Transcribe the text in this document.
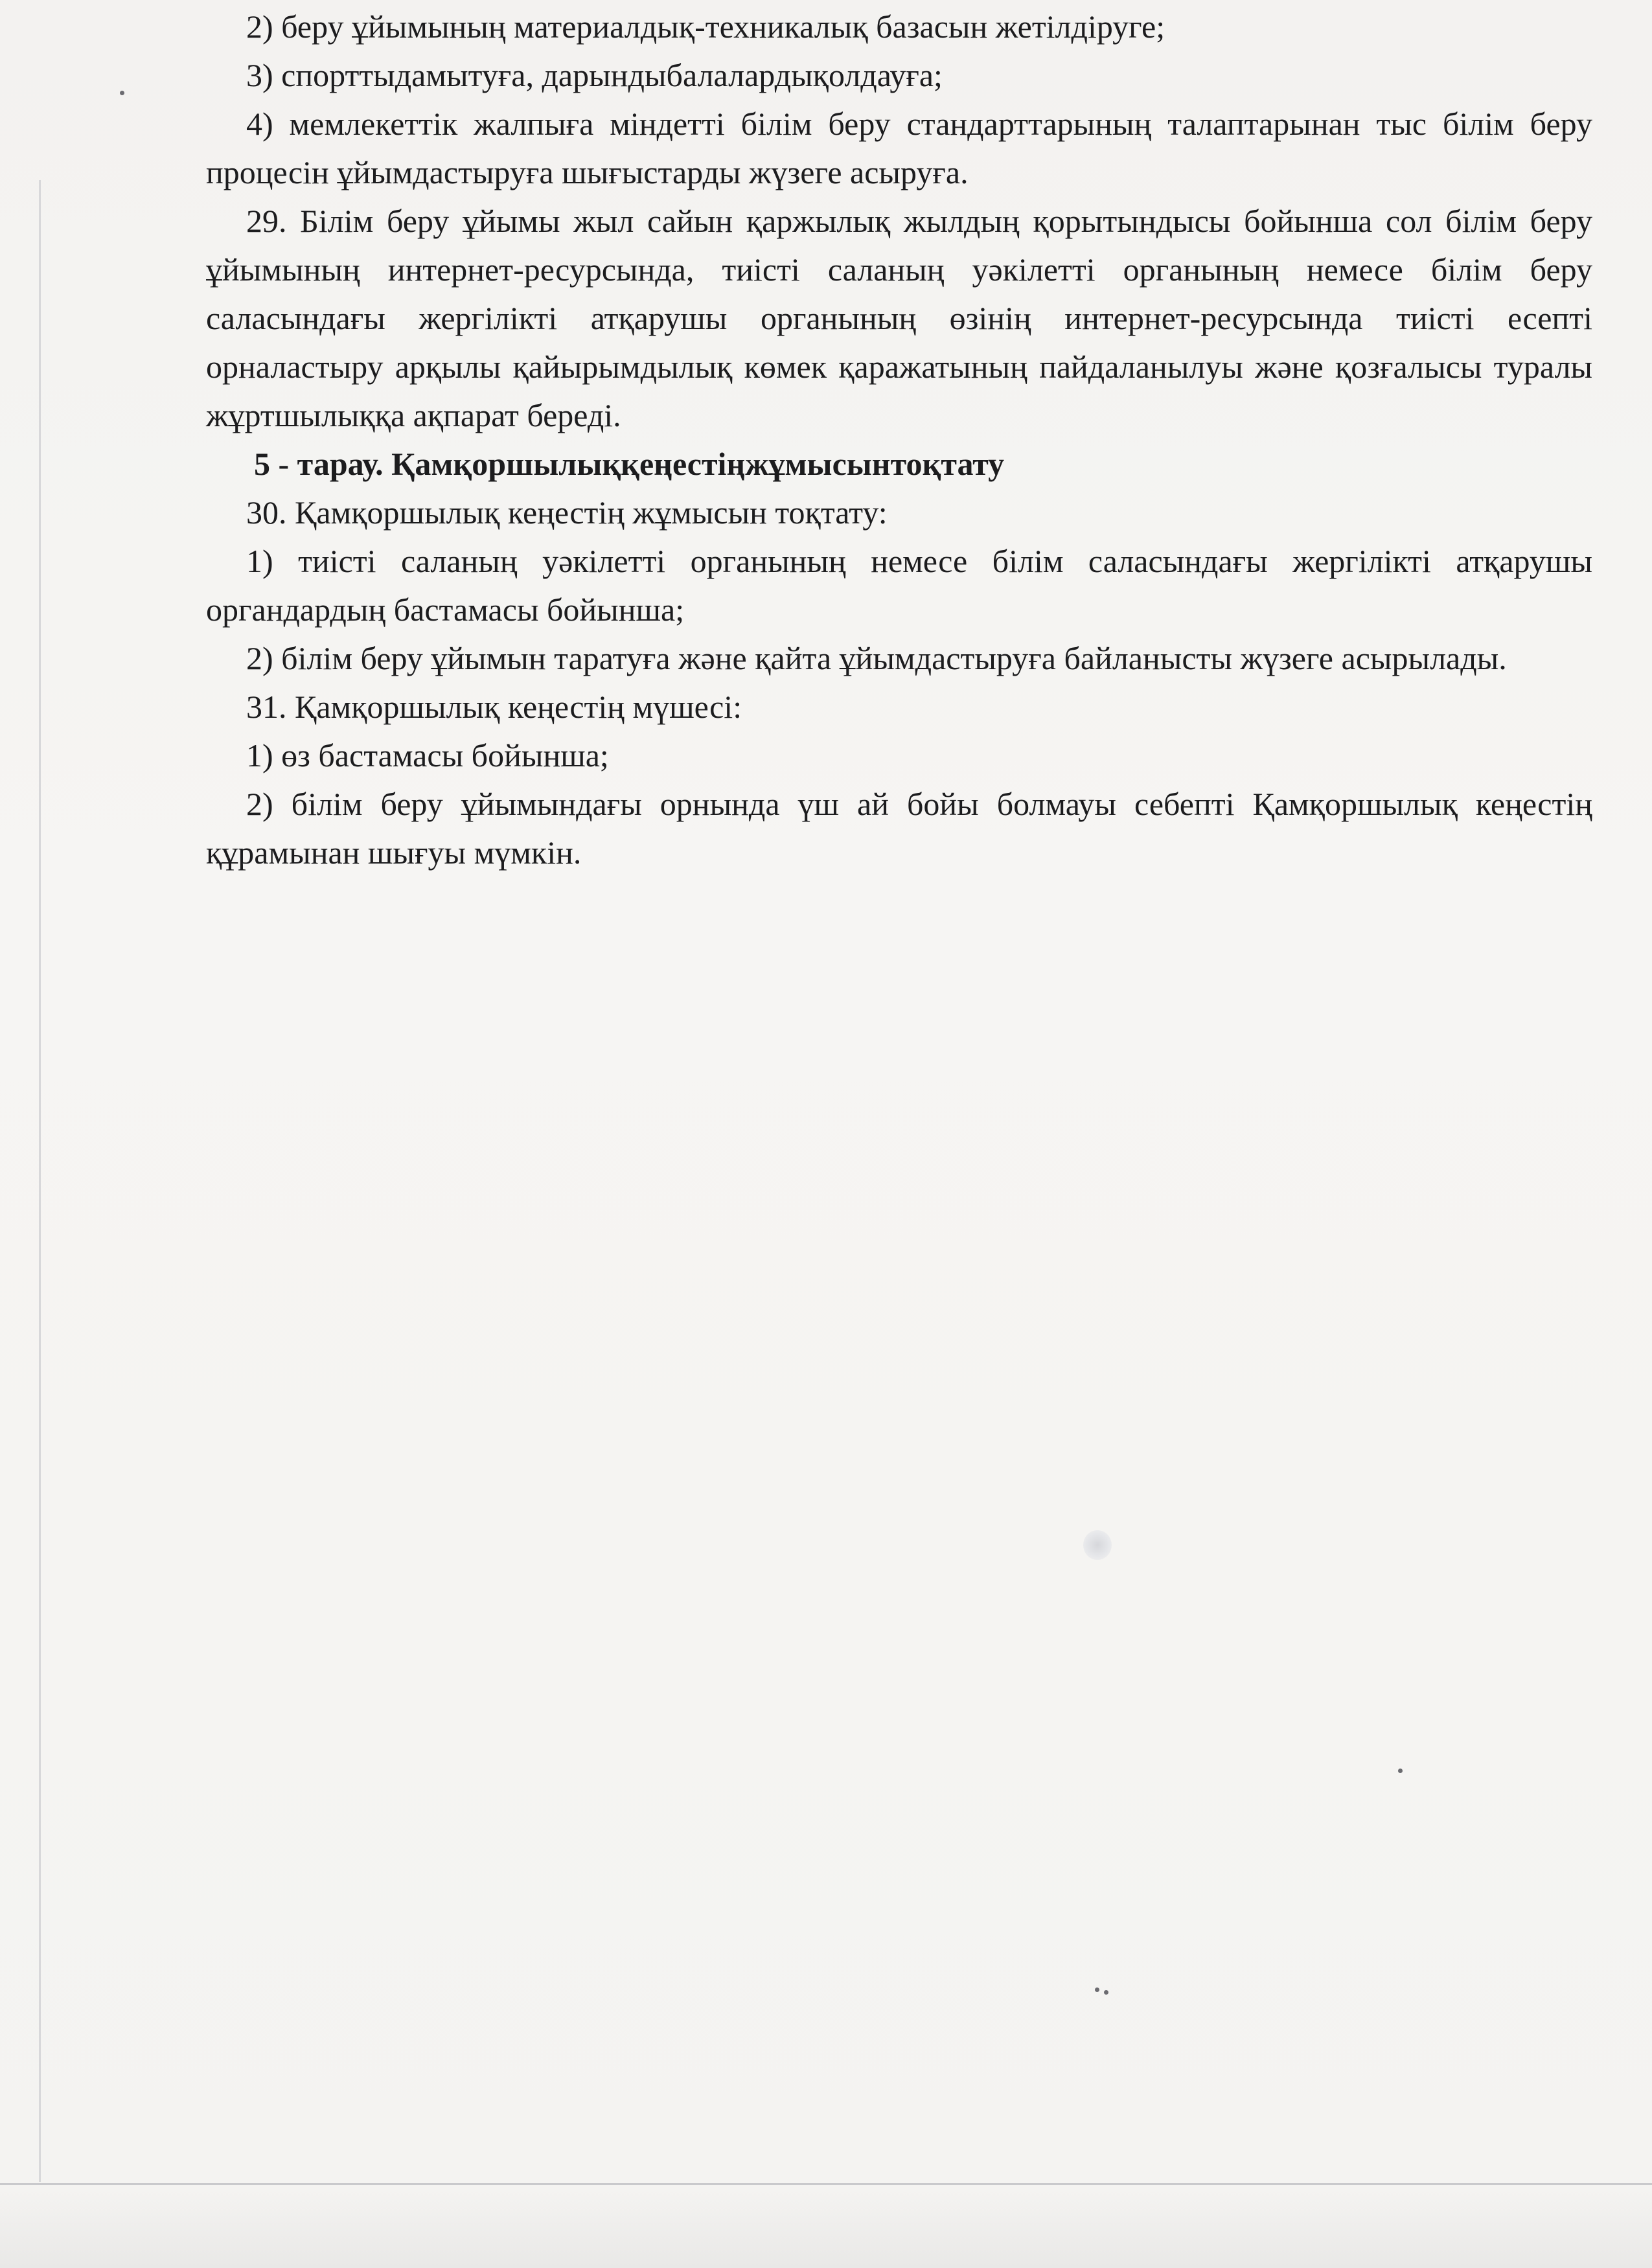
2) беру ұйымының материалдық-техникалық базасын жетілдіруге;

3) спорттыдамытуға, дарындыбалалардықолдауға;

4) мемлекеттік жалпыға міндетті білім беру стандарттарының талаптарынан тыс білім беру процесін ұйымдастыруға шығыстарды жүзеге асыруға.

29. Білім беру ұйымы жыл сайын қаржылық жылдың қорытындысы бойынша сол білім беру ұйымының интернет-ресурсында, тиісті саланың уәкілетті органының немесе білім беру саласындағы жергілікті атқарушы органының өзінің интернет-ресурсында тиісті есепті орналастыру арқылы қайырымдылық көмек қаражатының пайдаланылуы және қозғалысы туралы жұртшылыққа ақпарат береді.

5 - тарау. Қамқоршылыққеңестіңжұмысынтоқтату

30. Қамқоршылық кеңестің жұмысын тоқтату:

1) тиісті саланың уәкілетті органының немесе білім саласындағы жергілікті атқарушы органдардың бастамасы бойынша;

2) білім беру ұйымын таратуға және қайта ұйымдастыруға байланысты жүзеге асырылады.

31. Қамқоршылық кеңестің мүшесі:

1) өз бастамасы бойынша;

2) білім беру ұйымындағы орнында үш ай бойы болмауы себепті Қамқоршылық кеңестің құрамынан шығуы мүмкін.
